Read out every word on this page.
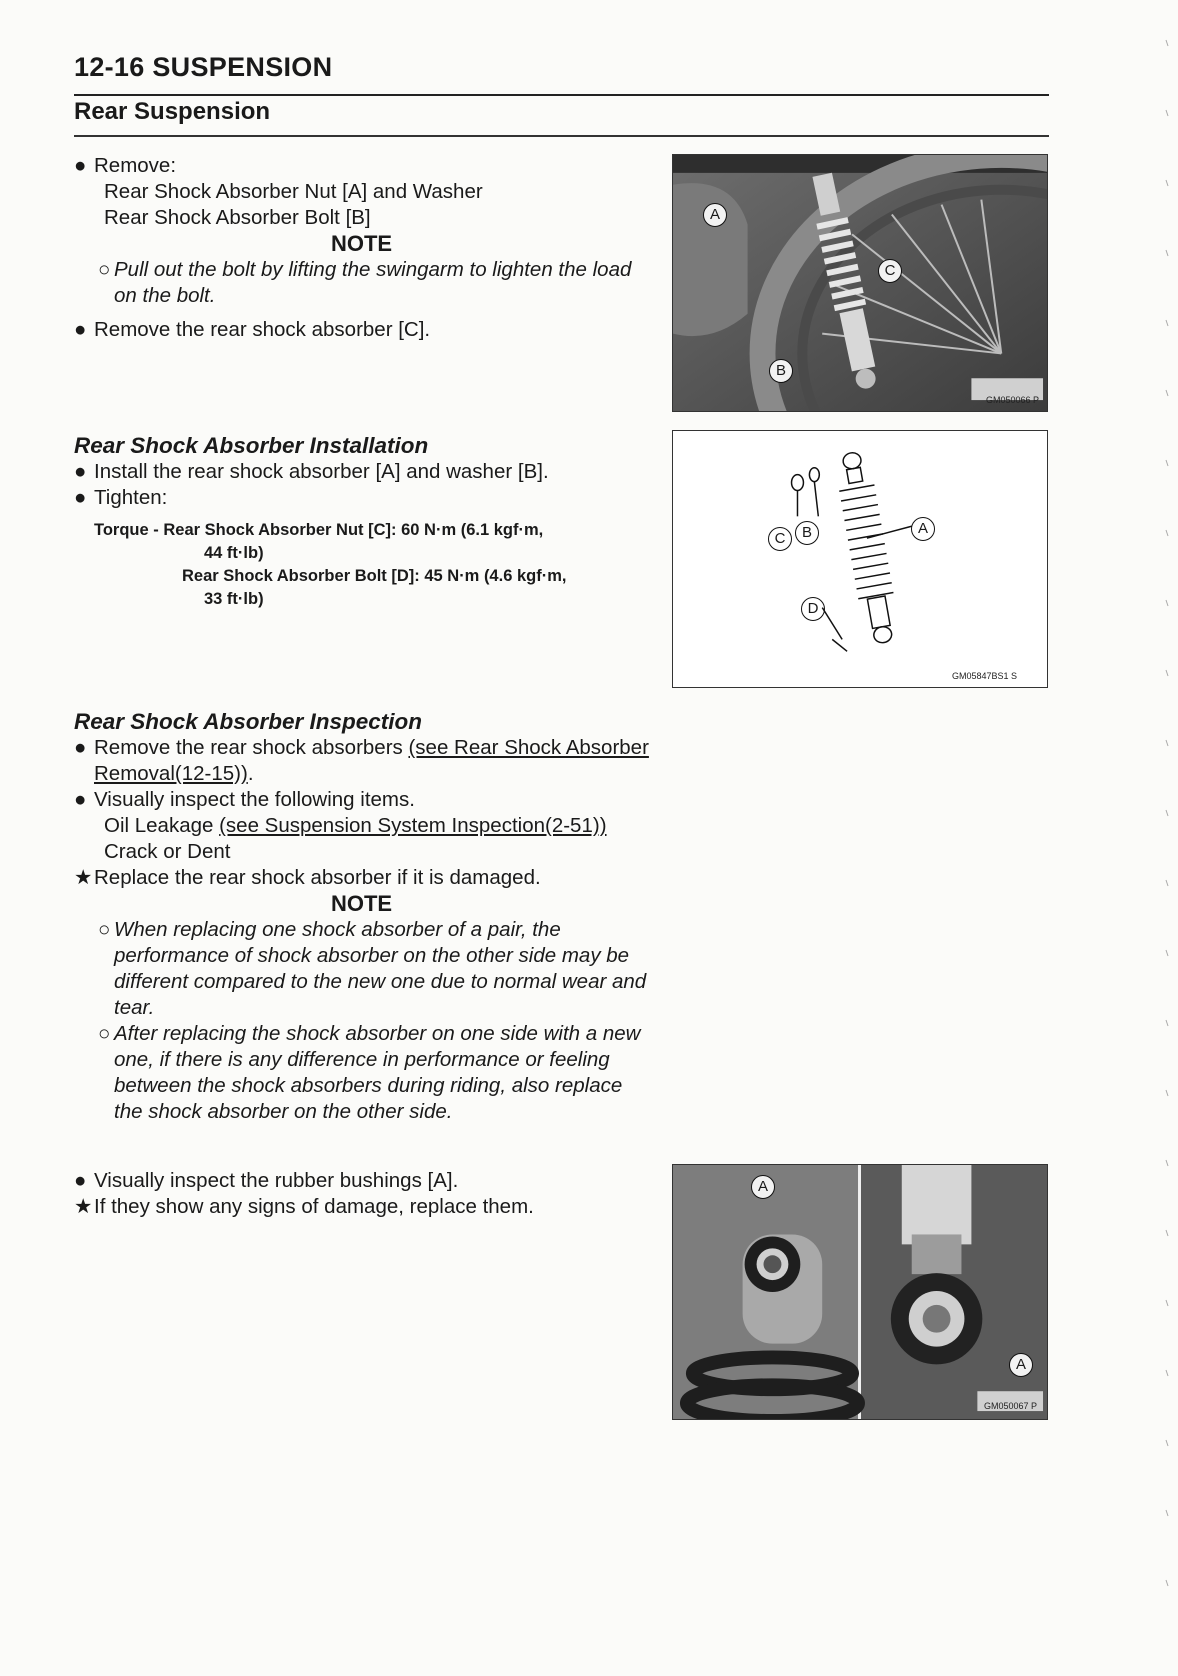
12-16 SUSPENSION
Rear Suspension

● Remove:

Rear Shock Absorber Nut [A] and Washer

Rear Shock Absorber Bolt [B]

NOTE

○ Pull out the bolt by lifting the swingarm to lighten the load on the bolt.

● Remove the rear shock absorber [C].

Rear Shock Absorber Installation

● Install the rear shock absorber [A] and washer [B].

● Tighten:

Torque - Rear Shock Absorber Nut [C]: 60 N·m (6.1 kgf·m,

44 ft·lb)

Rear Shock Absorber Bolt [D]: 45 N·m (4.6 kgf·m,

33 ft·lb)

Rear Shock Absorber Inspection

● Remove the rear shock absorbers (see Rear Shock Absorber Removal(12-15)).

● Visually inspect the following items.

Oil Leakage (see Suspension System Inspection(2-51))

Crack or Dent

★Replace the rear shock absorber if it is damaged.

NOTE

○ When replacing one shock absorber of a pair, the performance of shock absorber on the other side may be different compared to the new one due to normal wear and tear.

○ After replacing the shock absorber on one side with a new one, if there is any difference in performance or feeling between the shock absorbers during riding, also replace the shock absorber on the other side.

● Visually inspect the rubber bushings [A].

★If they show any signs of damage, replace them.

A
C
B
GM050066 P
C	B	A
D
GM05847BS1 S
A
A
GM050067 P
